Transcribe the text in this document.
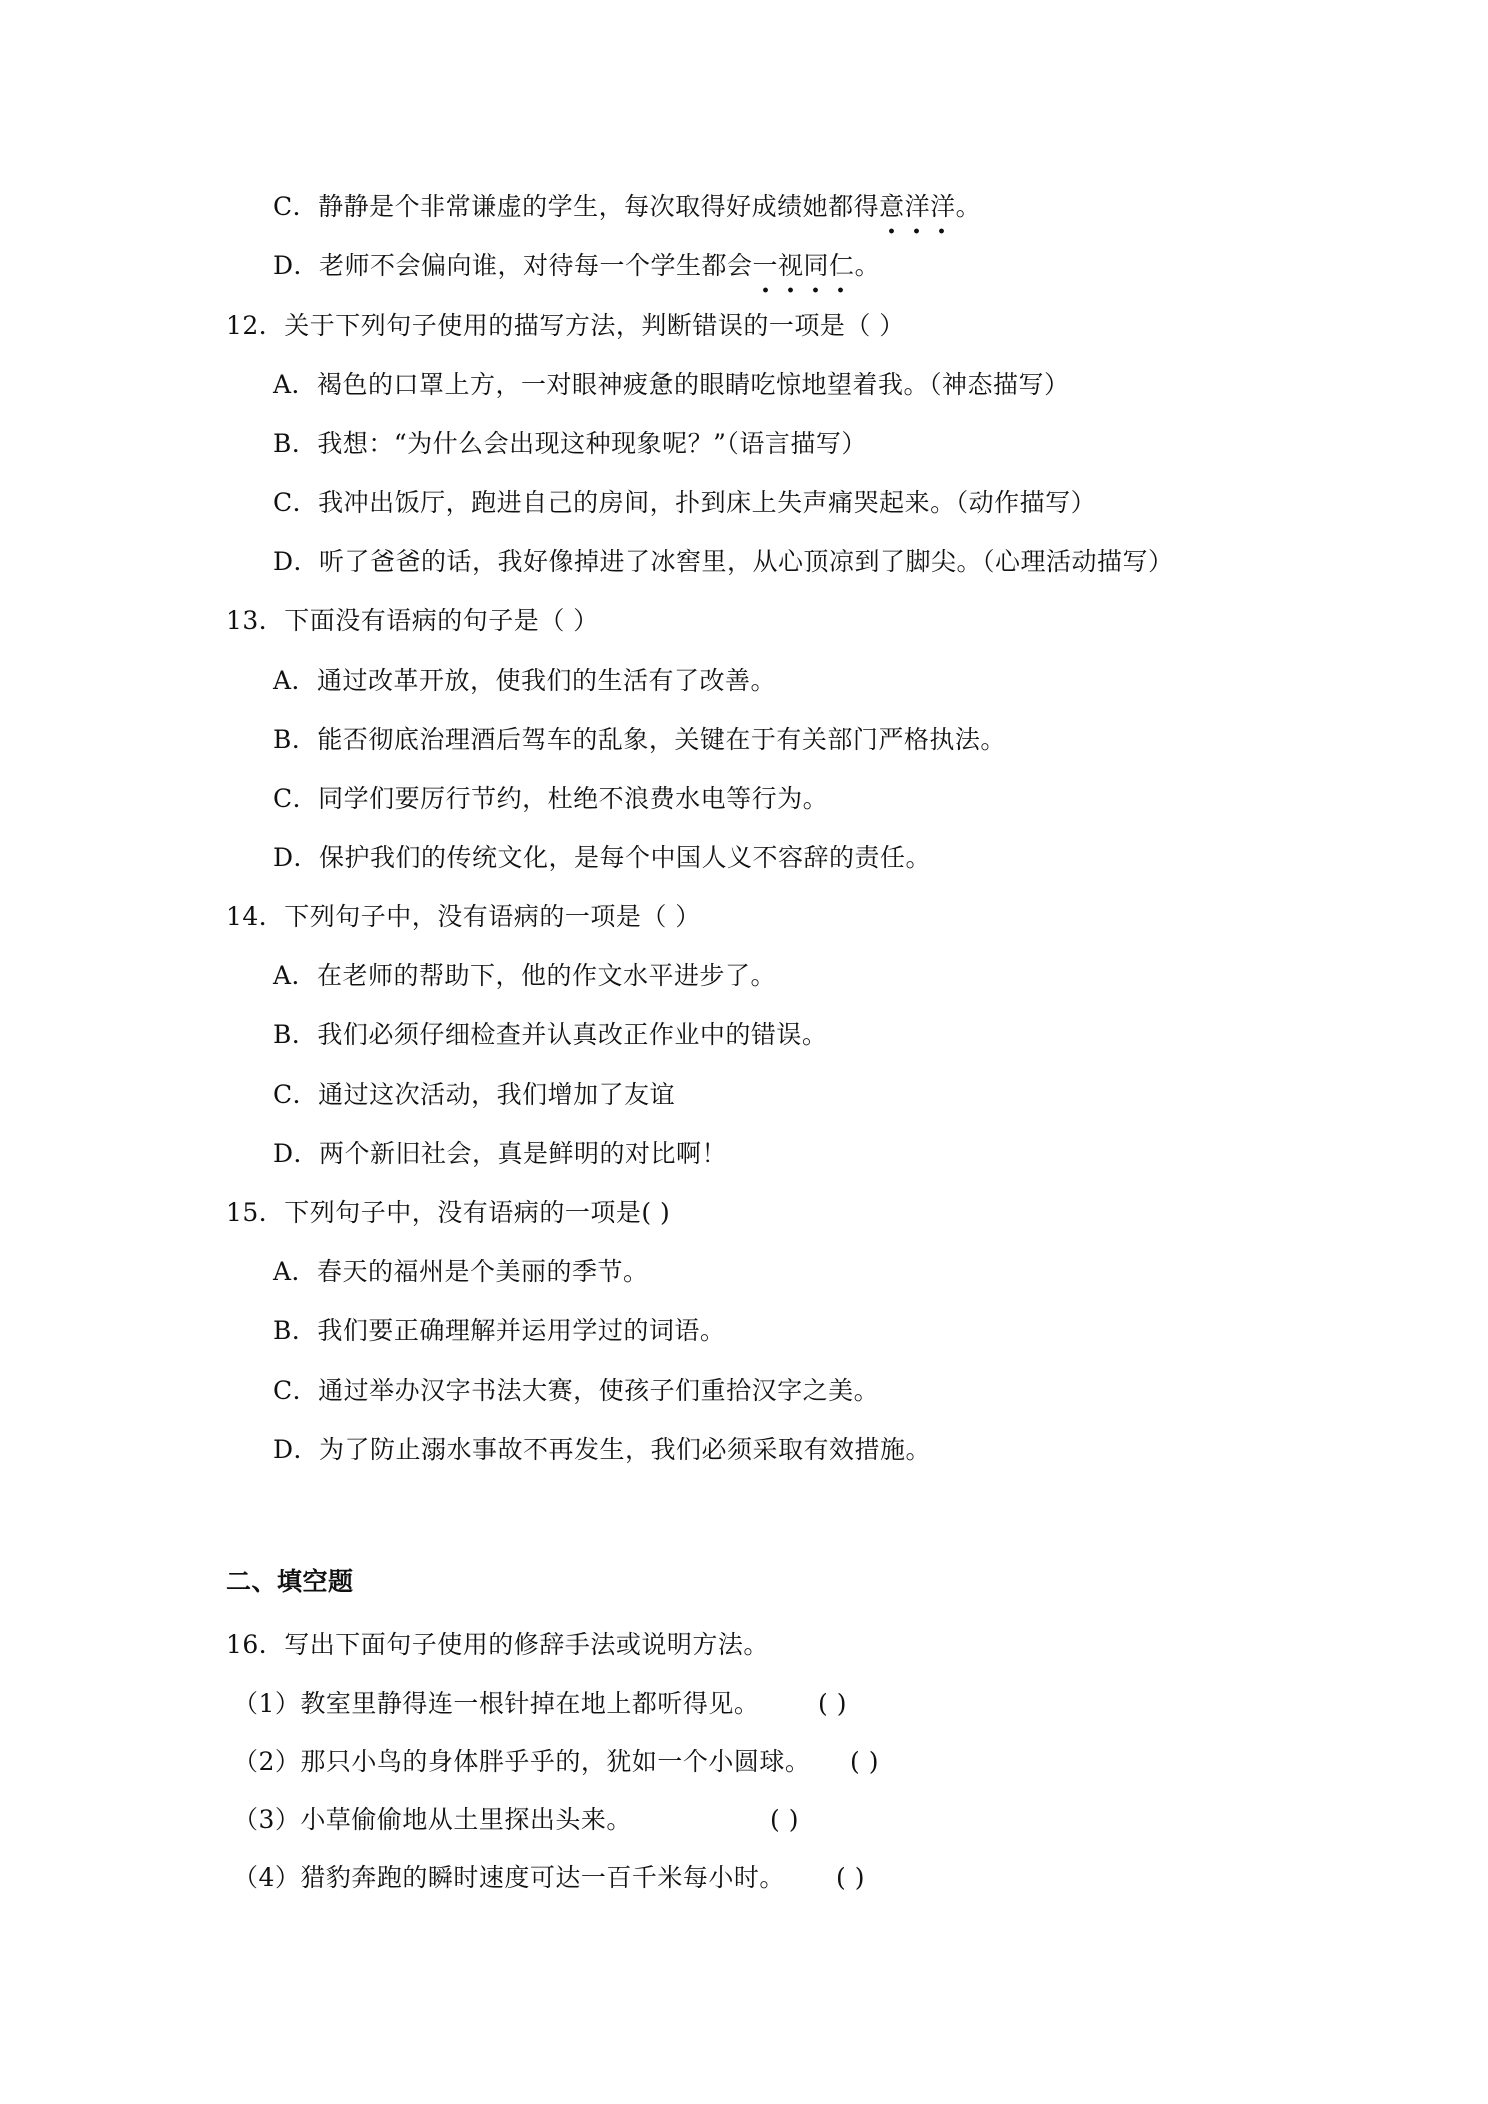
C．静静是个非常谦虚的学生，每次取得好成绩她都得意洋洋。
D．老师不会偏向谁，对待每一个学生都会一视同仁。
12．关于下列句子使用的描写方法，判断错误的一项是（ ）
A．褐色的口罩上方，一对眼神疲惫的眼睛吃惊地望着我。（神态描写）
B．我想：“为什么会出现这种现象呢？”（语言描写）
C．我冲出饭厅，跑进自己的房间，扑到床上失声痛哭起来。（动作描写）
D．听了爸爸的话，我好像掉进了冰窖里，从心顶凉到了脚尖。（心理活动描写）
13．下面没有语病的句子是（ ）
A．通过改革开放，使我们的生活有了改善。
B．能否彻底治理酒后驾车的乱象，关键在于有关部门严格执法。
C．同学们要厉行节约，杜绝不浪费水电等行为。
D．保护我们的传统文化，是每个中国人义不容辞的责任。
14．下列句子中，没有语病的一项是（ ）
A．在老师的帮助下，他的作文水平进步了。
B．我们必须仔细检查并认真改正作业中的错误。
C．通过这次活动，我们增加了友谊
D．两个新旧社会，真是鲜明的对比啊！
15．下列句子中，没有语病的一项是( )
A．春天的福州是个美丽的季节。
B．我们要正确理解并运用学过的词语。
C．通过举办汉字书法大赛，使孩子们重拾汉字之美。
D．为了防止溺水事故不再发生，我们必须采取有效措施。
二、填空题
16．写出下面句子使用的修辞手法或说明方法。
（1）教室里静得连一根针掉在地上都听得见。 ( )
（2）那只小鸟的身体胖乎乎的，犹如一个小圆球。 ( )
（3）小草偷偷地从土里探出头来。	( )
（4）猎豹奔跑的瞬时速度可达一百千米每小时。 ( )
